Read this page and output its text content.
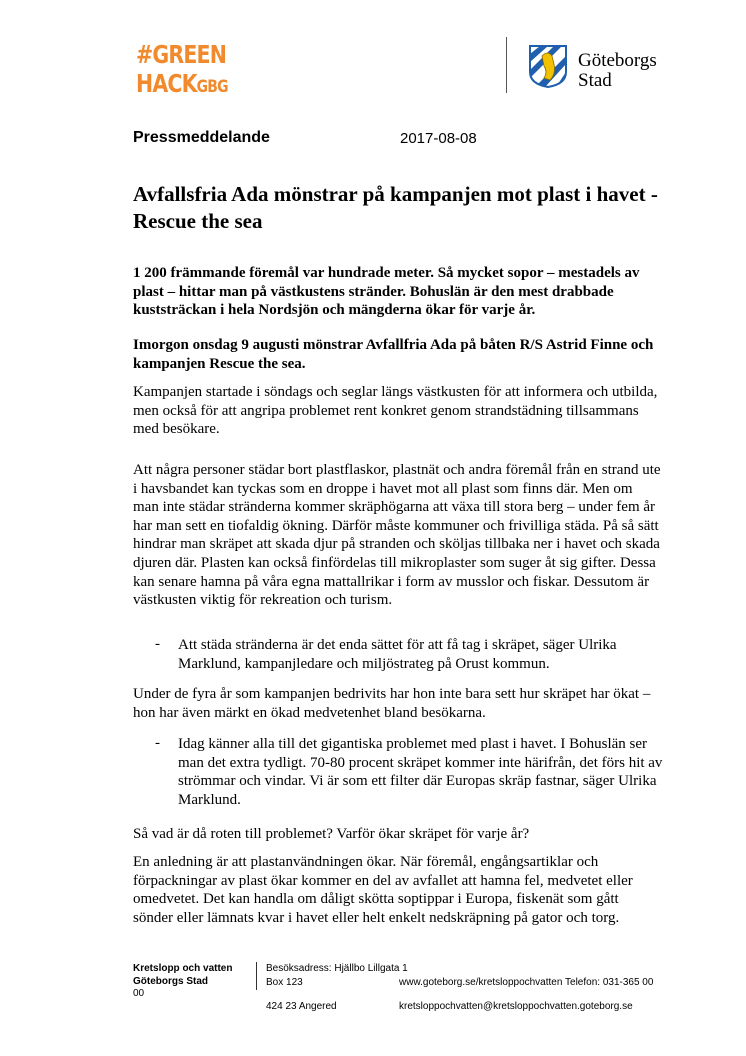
#GREEN
HACKGBG
Göteborgs
Stad
Pressmeddelande	2017-08-08
Avfallsfria Ada mönstrar på kampanjen mot plast i havet - Rescue the sea

1 200 främmande föremål var hundrade meter. Så mycket sopor – mestadels av plast – hittar man på västkustens stränder. Bohuslän är den mest drabbade kuststräckan i hela Nordsjön och mängderna ökar för varje år.

Imorgon onsdag 9 augusti mönstrar Avfallfria Ada på båten R/S Astrid Finne och kampanjen Rescue the sea.

Kampanjen startade i söndags och seglar längs västkusten för att informera och utbilda, men också för att angripa problemet rent konkret genom strandstädning tillsammans med besökare.

Att några personer städar bort plastflaskor, plastnät och andra föremål från en strand ute i havsbandet kan tyckas som en droppe i havet mot all plast som finns där. Men om man inte städar stränderna kommer skräphögarna att växa till stora berg – under fem år har man sett en tiofaldig ökning. Därför måste kommuner och frivilliga städa. På så sätt hindrar man skräpet att skada djur på stranden och sköljas tillbaka ner i havet och skada djuren där. Plasten kan också finfördelas till mikroplaster som suger åt sig gifter. Dessa kan senare hamna på våra egna mattallrikar i form av musslor och fiskar. Dessutom är västkusten viktig för rekreation och turism.

- Att städa stränderna är det enda sättet för att få tag i skräpet, säger Ulrika Marklund, kampanjledare och miljöstrateg på Orust kommun.

Under de fyra år som kampanjen bedrivits har hon inte bara sett hur skräpet har ökat – hon har även märkt en ökad medvetenhet bland besökarna.

- Idag känner alla till det gigantiska problemet med plast i havet. I Bohuslän ser man det extra tydligt. 70-80 procent skräpet kommer inte härifrån, det förs hit av strömmar och vindar. Vi är som ett filter där Europas skräp fastnar, säger Ulrika Marklund.

Så vad är då roten till problemet? Varför ökar skräpet för varje år?

En anledning är att plastanvändningen ökar. När föremål, engångsartiklar och förpackningar av plast ökar kommer en del av avfallet att hamna fel, medvetet eller omedvetet. Det kan handla om dåligt skötta soptippar i Europa, fiskenät som gått sönder eller lämnats kvar i havet eller helt enkelt nedskräpning på gator och torg.

Kretslopp och vatten
Göteborgs Stad
00
Besöksadress: Hjällbo Lillgata 1
Box 123	www.goteborg.se/kretsloppochvatten Telefon: 031-365 00
424 23 Angered	kretsloppochvatten@kretsloppochvatten.goteborg.se
